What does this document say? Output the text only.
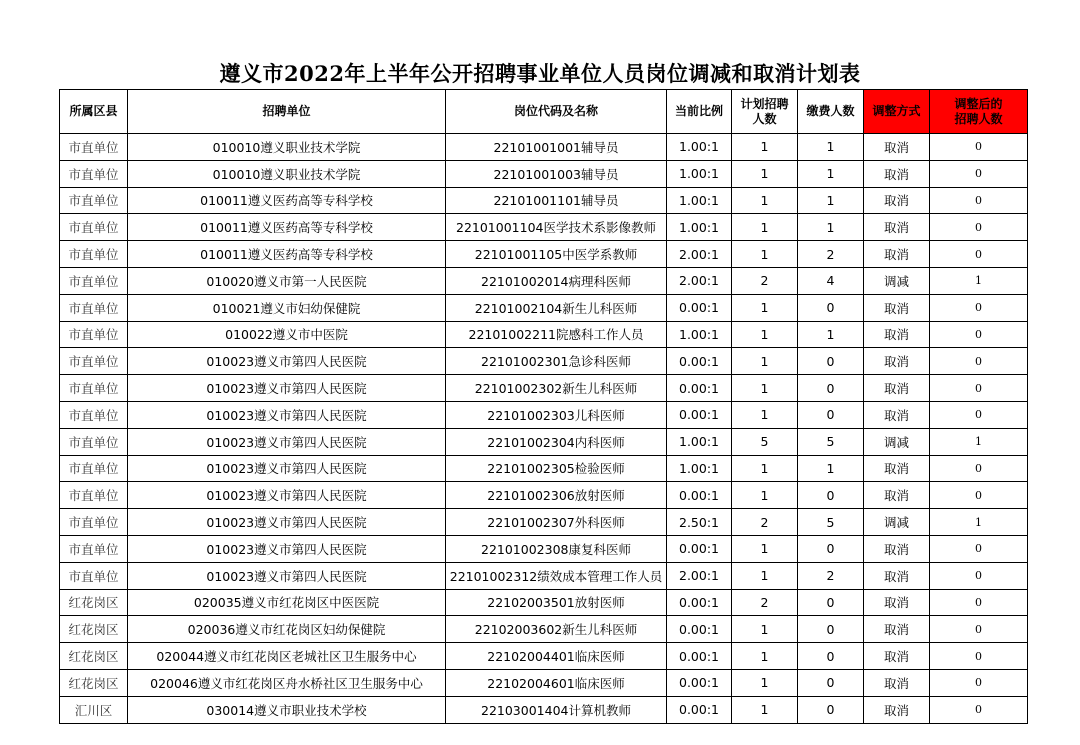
遵义市2022年上半年公开招聘事业单位人员岗位调减和取消计划表
所属区县	招聘单位	岗位代码及名称	当前比例	计划招聘人数	缴费人数	调整方式	调整后的招聘人数
市直单位	010010遵义职业技术学院	22101001001辅导员	1.00:1	1	1	取消	0
市直单位	010010遵义职业技术学院	22101001003辅导员	1.00:1	1	1	取消	0
市直单位	010011遵义医药高等专科学校	22101001101辅导员	1.00:1	1	1	取消	0
市直单位	010011遵义医药高等专科学校	22101001104医学技术系影像教师	1.00:1	1	1	取消	0
市直单位	010011遵义医药高等专科学校	22101001105中医学系教师	2.00:1	1	2	取消	0
市直单位	010020遵义市第一人民医院	22101002014病理科医师	2.00:1	2	4	调减	1
市直单位	010021遵义市妇幼保健院	22101002104新生儿科医师	0.00:1	1	0	取消	0
市直单位	010022遵义市中医院	22101002211院感科工作人员	1.00:1	1	1	取消	0
市直单位	010023遵义市第四人民医院	22101002301急诊科医师	0.00:1	1	0	取消	0
市直单位	010023遵义市第四人民医院	22101002302新生儿科医师	0.00:1	1	0	取消	0
市直单位	010023遵义市第四人民医院	22101002303儿科医师	0.00:1	1	0	取消	0
市直单位	010023遵义市第四人民医院	22101002304内科医师	1.00:1	5	5	调减	1
市直单位	010023遵义市第四人民医院	22101002305检验医师	1.00:1	1	1	取消	0
市直单位	010023遵义市第四人民医院	22101002306放射医师	0.00:1	1	0	取消	0
市直单位	010023遵义市第四人民医院	22101002307外科医师	2.50:1	2	5	调减	1
市直单位	010023遵义市第四人民医院	22101002308康复科医师	0.00:1	1	0	取消	0
市直单位	010023遵义市第四人民医院	22101002312绩效成本管理工作人员	2.00:1	1	2	取消	0
红花岗区	020035遵义市红花岗区中医医院	22102003501放射医师	0.00:1	2	0	取消	0
红花岗区	020036遵义市红花岗区妇幼保健院	22102003602新生儿科医师	0.00:1	1	0	取消	0
红花岗区	020044遵义市红花岗区老城社区卫生服务中心	22102004401临床医师	0.00:1	1	0	取消	0
红花岗区	020046遵义市红花岗区舟水桥社区卫生服务中心	22102004601临床医师	0.00:1	1	0	取消	0
汇川区	030014遵义市职业技术学校	22103001404计算机教师	0.00:1	1	0	取消	0
